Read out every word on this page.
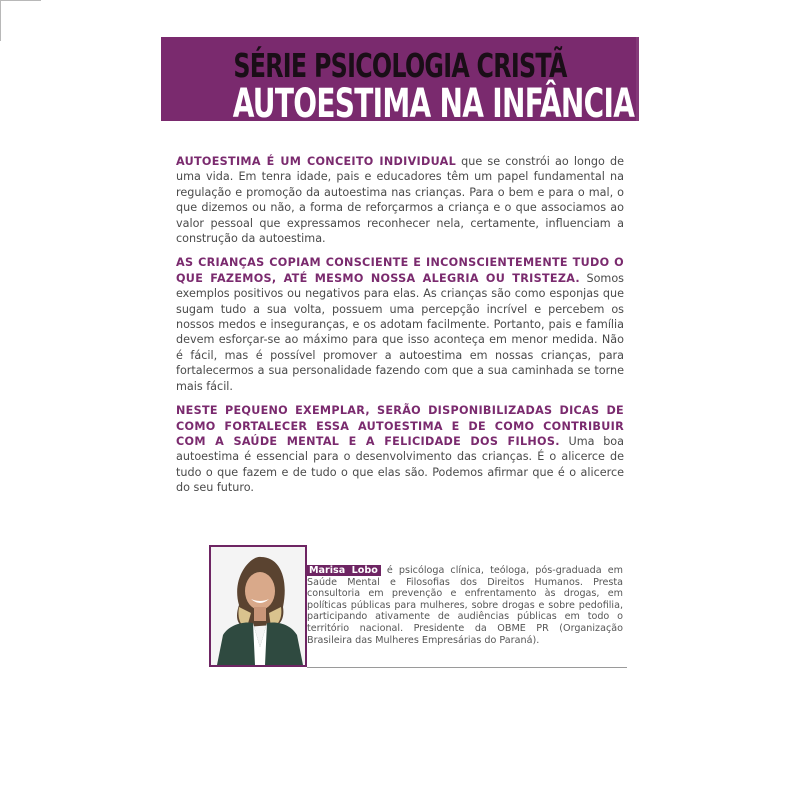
SÉRIE PSICOLOGIA CRISTÃ
AUTOESTIMA NA INFÂNCIA

AUTOESTIMA É UM CONCEITO INDIVIDUAL que se constrói ao longo de uma vida. Em tenra idade, pais e educadores têm um papel fundamental na regulação e promoção da autoestima nas crianças. Para o bem e para o mal, o que dizemos ou não, a forma de reforçarmos a criança e o que associamos ao valor pessoal que expressamos reconhecer nela, certamente, influenciam a construção da autoestima.

AS CRIANÇAS COPIAM CONSCIENTE E INCONSCIENTEMENTE TUDO O QUE FAZEMOS, ATÉ MESMO NOSSA ALEGRIA OU TRISTEZA. Somos exemplos positivos ou negativos para elas. As crianças são como esponjas que sugam tudo a sua volta, possuem uma percepção incrível e percebem os nossos medos e inseguranças, e os adotam facilmente. Portanto, pais e família devem esforçar-se ao máximo para que isso aconteça em menor medida. Não é fácil, mas é possível promover a autoestima em nossas crianças, para fortalecermos a sua personalidade fazendo com que a sua caminhada se torne mais fácil.

NESTE PEQUENO EXEMPLAR, SERÃO DISPONIBILIZADAS DICAS DE COMO FORTALECER ESSA AUTOESTIMA E DE COMO CONTRIBUIR COM A SAÚDE MENTAL E A FELICIDADE DOS FILHOS. Uma boa autoestima é essencial para o desenvolvimento das crianças. É o alicerce de tudo o que fazem e de tudo o que elas são. Podemos afirmar que é o alicerce do seu futuro.

Marisa Lobo é psicóloga clínica, teóloga, pós-graduada em Saúde Mental e Filosofias dos Direitos Humanos. Presta consultoria em prevenção e enfrentamento às drogas, em políticas públicas para mulheres, sobre drogas e sobre pedofilia, participando ativamente de audiências públicas em todo o território nacional. Presidente da OBME PR (Organização Brasileira das Mulheres Empresárias do Paraná).
